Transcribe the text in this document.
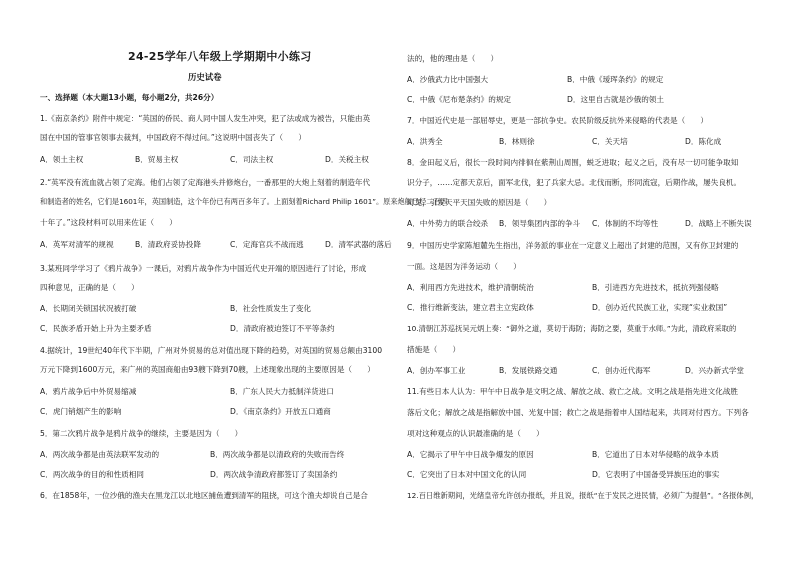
24-25学年八年级上学期期中小练习
历史试卷
一、选择题（本大题13小题，每小题2分，共26分）
1.《南京条约》附件中规定：“英国的侨民、商人同中国人发生冲突，犯了法或成为被告，只能由英
国在中国的管事官领事去裁判，中国政府不得过问。”这说明中国丧失了（　　）
A．领土主权	B．贸易主权	C．司法主权	D．关税主权
2.“英军没有流血就占领了定海。他们占领了定海港头并修炮台，一番那里的大炮上刻着的制造年代
和制造者的姓名，它们是1601年，英国制造，这个年份已有两百多年了。上面刻着Richard Philip 1601”。原来炮舰已经二百四
十年了。”这段材料可以用来佐证（　　）
A．英军对清军的规视	B．清政府妥协投降	C．定海官兵不战而逃	D．清军武器的落后
3.某班同学学习了《鸦片战争》一课后，对鸦片战争作为中国近代史开端的原因进行了讨论，形成
四种意见，正确的是（　　）
A．长期闭关锁国状况被打破	B．社会性质发生了变化
C．民族矛盾开始上升为主要矛盾	D．清政府被迫签订不平等条约
4.据统计，19世纪40年代下半期，广州对外贸易的总对值出现下降的趋势，对英国的贸易总额由3100
万元下降到1600万元，来广州的英国商船由93艘下降到70艘，上述现象出现的主要原因是（　　）
A．鸦片战争后中外贸易缩减	B．广东人民大力抵制洋货进口
C．虎门销烟产生的影响	D．《南京条约》开放五口通商
5．第二次鸦片战争是鸦片战争的继续，主要是因为（　　）
A．两次战争都是由英法联军发动的	B．两次战争都是以清政府的失败而告终
C．两次战争的目的和性质相同	D．两次战争清政府都签订了卖国条约
6．在1858年，一位沙俄的渔夫在黑龙江以北地区捕鱼遭到清军的阻挠，可这个渔夫却说自己是合
法的，他的理由是（　　）
A．沙俄武力比中国强大	B．中俄《瑷珲条约》的规定
C．中俄《尼布楚条约》的规定	D．这里自古就是沙俄的领土
7．中国近代史是一部屈辱史，更是一部抗争史。农民阶级反抗外来侵略的代表是（　　）
A．洪秀全	B．林则徐	C．关天培	D．陈化成
8．金田起义后，很长一段时间内徘徊在紫荆山周围，蜕乏进取；起义之后，没有尽一切可能争取知
识分子，……定都天京后，面军北伐，犯了兵家大忌。北伐而断，形同流寇，后期作战，屡失良机。
可见，引发天平天国失败的原因是（　　）
A．中外势力的联合绞杀 B．领导集团内部的争斗 C．体制的不均等性	D．战略上不断失误
9．中国历史学家陈旭麓先生指出，洋务派的事业在一定意义上超出了封建的范围，又有你卫封建的
一面。这是因为洋务运动（　　）
A．利用西方先进技术，维护清朝统治	B．引进西方先进技术，抵抗列强侵略
C．推行维新变法，建立君主立宪政体	D．创办近代民族工业，实现“实业救国”
10.清朝江苏巡抚吴元炳上奏：“御外之道，莫切于海防；海防之要，莫重于水师。”为此，清政府采取的
措施是（　　）
A．创办军事工业	B．发展铁路交通	C．创办近代海军	D．兴办新式学堂
11.有些日本人认为：甲午中日战争是文明之战、解放之战、救亡之战。文明之战是指先进文化战胜
落后文化；解放之战是指解放中国、光复中国；救亡之战是指着申人国结起来，共同对付西方。下列各
项对这种观点的认识最准确的是（　　）
A．它揭示了甲午中日战争爆发的原因	B．它道出了日本对华侵略的战争本质
C．它突出了日本对中国文化的认同	D．它表明了中国备受异族压迫的事实
12.百日维新期间，光绪皇帝允许创办报纸，并且说，报纸“在于发民之进民情，必须广为提倡”。“各报体例，
